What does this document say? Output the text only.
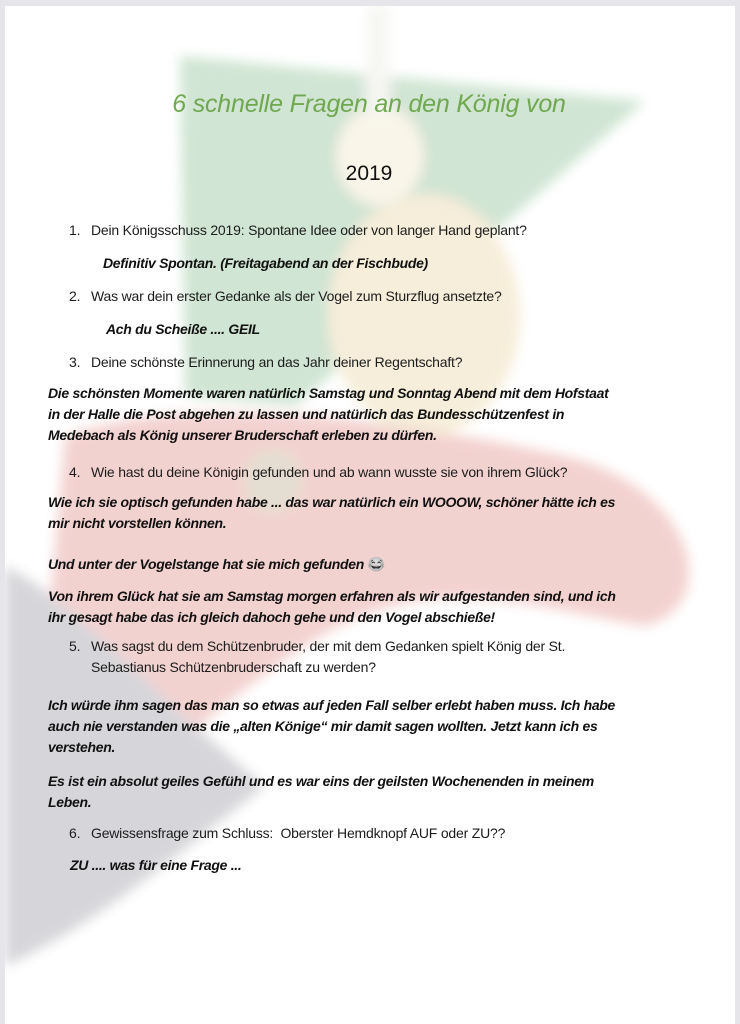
6 schnelle Fragen an den König von
2019
1. Dein Königsschuss 2019: Spontane Idee oder von langer Hand geplant?
Definitiv Spontan. (Freitagabend an der Fischbude)
2. Was war dein erster Gedanke als der Vogel zum Sturzflug ansetzte?
Ach du Scheiße .... GEIL
3. Deine schönste Erinnerung an das Jahr deiner Regentschaft?
Die schönsten Momente waren natürlich Samstag und Sonntag Abend mit dem Hofstaat
in der Halle die Post abgehen zu lassen und natürlich das Bundesschützenfest in
Medebach als König unserer Bruderschaft erleben zu dürfen.
4. Wie hast du deine Königin gefunden und ab wann wusste sie von ihrem Glück?
Wie ich sie optisch gefunden habe ... das war natürlich ein WOOOW, schöner hätte ich es
mir nicht vorstellen können.
Und unter der Vogelstange hat sie mich gefunden 😂
Von ihrem Glück hat sie am Samstag morgen erfahren als wir aufgestanden sind, und ich
ihr gesagt habe das ich gleich dahoch gehe und den Vogel abschieße!
5. Was sagst du dem Schützenbruder, der mit dem Gedanken spielt König der St.
Sebastianus Schützenbruderschaft zu werden?
Ich würde ihm sagen das man so etwas auf jeden Fall selber erlebt haben muss. Ich habe
auch nie verstanden was die „alten Könige“ mir damit sagen wollten. Jetzt kann ich es
verstehen.
Es ist ein absolut geiles Gefühl und es war eins der geilsten Wochenenden in meinem
Leben.
6. Gewissensfrage zum Schluss:  Oberster Hemdknopf AUF oder ZU??
ZU .... was für eine Frage ...
